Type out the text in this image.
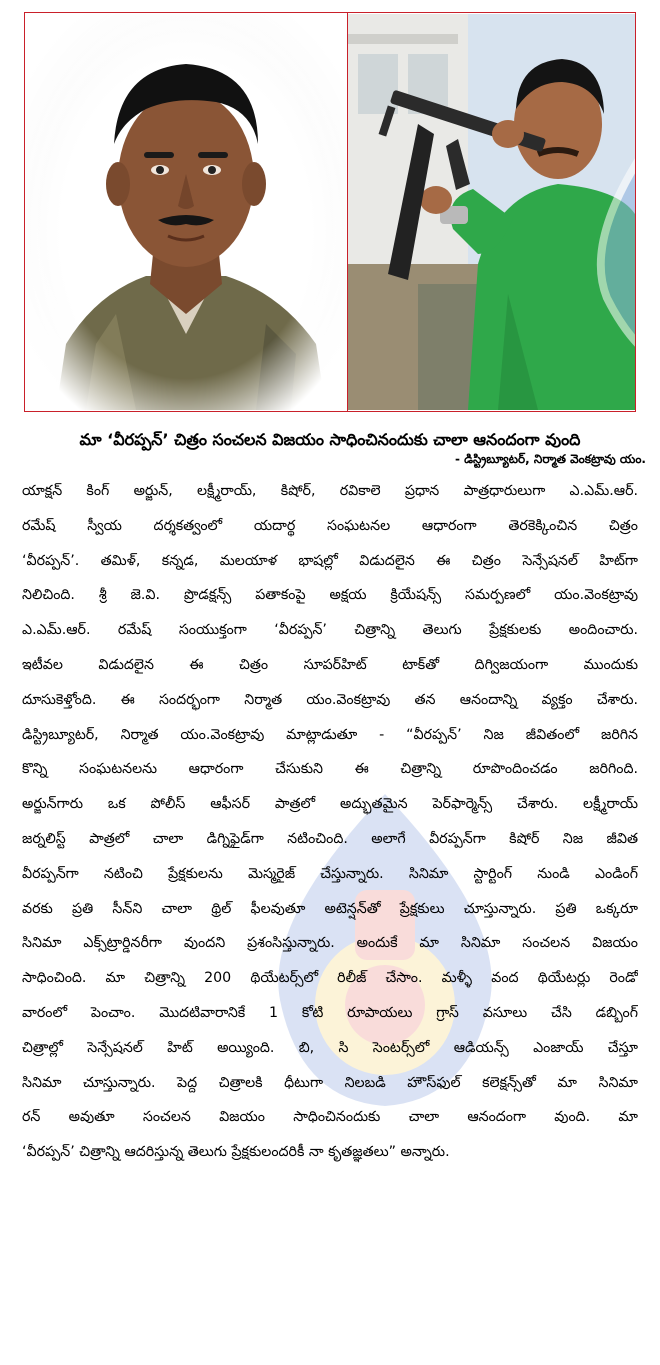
మా ‘వీరప్పన్’ చిత్రం సంచలన విజయం సాధించినందుకు చాలా ఆనందంగా వుంది
- డిస్ట్రిబ్యూటర్, నిర్మాత వెంకట్రావు యం.
యాక్షన్ కింగ్ అర్జున్, లక్ష్మీరాయ్, కిషోర్, రవికాలె ప్రధాన పాత్రధారులుగా ఎ.ఎమ్.ఆర్.
రమేష్ స్వీయ దర్శకత్వంలో యదార్థ సంఘటనల ఆధారంగా తెరకెక్కించిన చిత్రం
‘వీరప్పన్’. తమిళ్, కన్నడ, మలయాళ భాషల్లో విడుదలైన ఈ చిత్రం సెన్సేషనల్ హిట్‌గా
నిలిచింది. శ్రీ జె.వి. ప్రొడక్షన్స్ పతాకంపై అక్షయ క్రియేషన్స్ సమర్పణలో యం.వెంకట్రావు
ఎ.ఎమ్.ఆర్. రమేష్ సంయుక్తంగా ‘వీరప్పన్’ చిత్రాన్ని తెలుగు ప్రేక్షకులకు అందించారు.
ఇటీవల విడుదలైన ఈ చిత్రం సూపర్‌హిట్ టాక్‌తో దిగ్విజయంగా ముందుకు
దూసుకెళ్తోంది. ఈ సందర్భంగా నిర్మాత యం.వెంకట్రావు తన ఆనందాన్ని వ్యక్తం చేశారు.
డిస్ట్రిబ్యూటర్, నిర్మాత యం.వెంకట్రావు మాట్లాడుతూ - “వీరప్పన్’ నిజ జీవితంలో జరిగిన
కొన్ని సంఘటనలను ఆధారంగా చేసుకుని ఈ చిత్రాన్ని రూపొందించడం జరిగింది.
అర్జున్‌గారు ఒక పోలీస్ ఆఫీసర్ పాత్రలో అద్భుతమైన పెర్‌ఫార్మెన్స్ చేశారు. లక్ష్మీరాయ్
జర్నలిస్ట్ పాత్రలో చాలా డిగ్నిఫైడ్‌గా నటించింది. అలాగే వీరప్పన్‌గా కిషోర్ నిజ జీవిత
వీరప్పన్‌గా నటించి ప్రేక్షకులను మెస్మరైజ్ చేస్తున్నారు. సినిమా స్టార్టింగ్ నుండి ఎండింగ్
వరకు ప్రతి సీన్‌ని చాలా థ్రిల్ ఫీలవుతూ అటెన్షన్‌తో ప్రేక్షకులు చూస్తున్నారు. ప్రతి ఒక్కరూ
సినిమా ఎక్స్‌ట్రార్డినరీగా వుందని ప్రశంసిస్తున్నారు. అందుకే మా సినిమా సంచలన విజయం
సాధించింది. మా చిత్రాన్ని 200 థియేటర్స్‌లో రిలీజ్ చేసాం. మళ్ళీ వంద థియేటర్లు రెండో
వారంలో పెంచాం. మొదటివారానికే 1 కోటి రూపాయలు గ్రాస్ వసూలు చేసి డబ్బింగ్
చిత్రాల్లో సెన్సేషనల్ హిట్ అయ్యింది. బి, సి సెంటర్స్‌లో ఆడియన్స్ ఎంజాయ్ చేస్తూ
సినిమా చూస్తున్నారు. పెద్ద చిత్రాలకి ధీటుగా నిలబడి హౌస్‌ఫుల్ కలెక్షన్స్‌తో మా సినిమా
రన్ అవుతూ సంచలన విజయం సాధించినందుకు చాలా ఆనందంగా వుంది. మా
‘వీరప్పన్’ చిత్రాన్ని ఆదరిస్తున్న తెలుగు ప్రేక్షకులందరికీ నా కృతజ్ఞతలు” అన్నారు.
